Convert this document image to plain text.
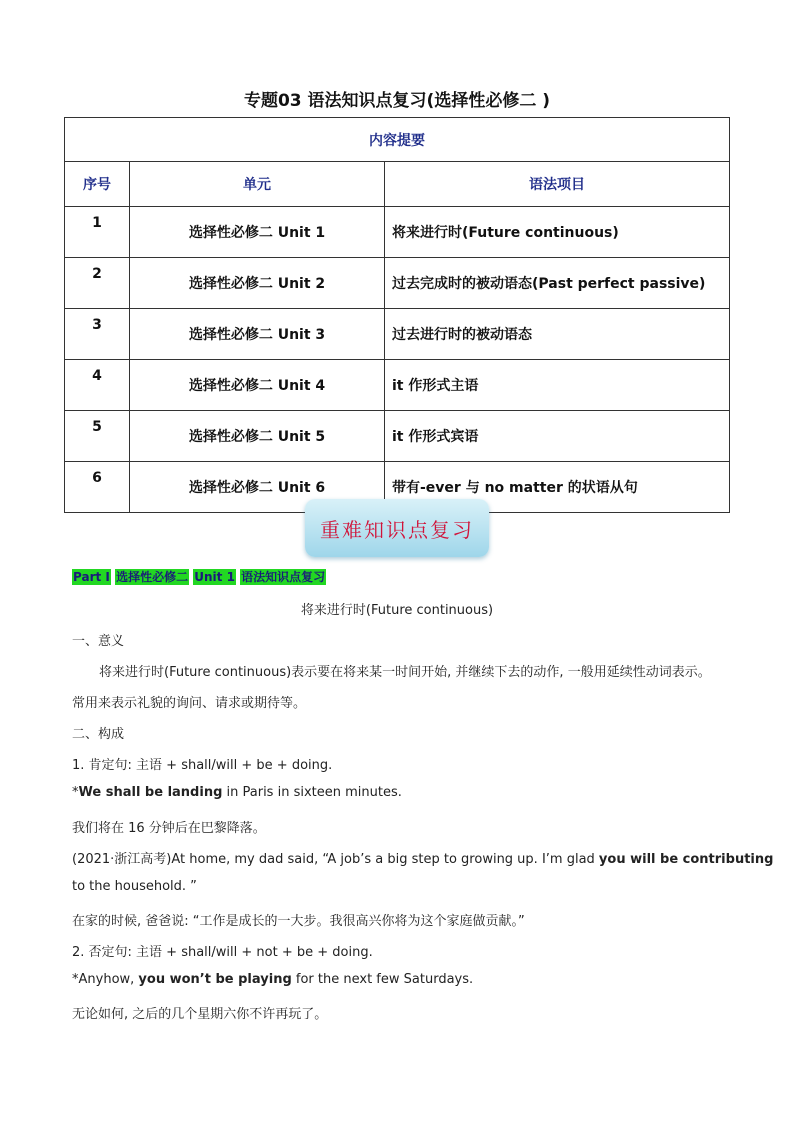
专题03 语法知识点复习(选择性必修二 )
内容提要		
序号	单元	语法项目
1	选择性必修二 Unit 1	将来进行时(Future continuous)
2	选择性必修二 Unit 2	过去完成时的被动语态(Past perfect passive)
3	选择性必修二 Unit 3	过去进行时的被动语态
4	选择性必修二 Unit 4	it 作形式主语
5	选择性必修二 Unit 5	it 作形式宾语
6	选择性必修二 Unit 6	带有-ever 与 no matter 的状语从句
重难知识点复习
Part I 选择性必修二 Unit 1 语法知识点复习
将来进行时(Future continuous)
一、意义
将来进行时(Future continuous)表示要在将来某一时间开始, 并继续下去的动作, 一般用延续性动词表示。
常用来表示礼貌的询问、请求或期待等。
二、构成
1. 肯定句: 主语 + shall/will + be + doing.
*We shall be landing in Paris in sixteen minutes.
我们将在 16 分钟后在巴黎降落。
(2021·浙江高考)At home, my dad said, “A job’s a big step to growing up. I’m glad you will be contributing
to the household. ”
在家的时候, 爸爸说: “工作是成长的一大步。我很高兴你将为这个家庭做贡献。”
2. 否定句: 主语 + shall/will + not + be + doing.
*Anyhow, you won’t be playing for the next few Saturdays.
无论如何, 之后的几个星期六你不许再玩了。
